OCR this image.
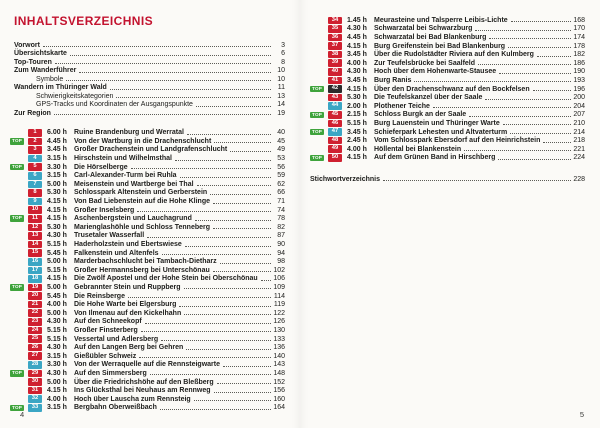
INHALTSVERZEICHNIS
Vorwort	3
Übersichtskarte	6
Top-Touren	8
Zum Wanderführer	10
Symbole	10
Wandern im Thüringer Wald	11
Schwierigkeitskategorien	13
GPS-Tracks und Koordinaten der Ausgangspunkte	14
Zur Region	19
1	6.00 h	Ruine Brandenburg und Werratal	40
TOP	2	4.45 h	Von der Wartburg in die Drachenschlucht	45
3	3.45 h	Großer Drachenstein und Landgrafenschlucht	49
4	3.15 h	Hirschstein und Wilhelmsthal	53
TOP	5	3.30 h	Die Hörselberge	56
6	3.15 h	Carl-Alexander-Turm bei Ruhla	59
7	5.00 h	Meisenstein und Wartberge bei Thal	62
8	5.30 h	Schlosspark Altenstein und Gerberstein	66
9	4.15 h	Von Bad Liebenstein auf die Hohe Klinge	71
10	4.15 h	Großer Inselsberg	74
TOP	11	4.15 h	Aschenbergstein und Lauchagrund	78
12	5.30 h	Marienglashöhle und Schloss Tenneberg	82
13	4.30 h	Trusetaler Wasserfall	87
14	5.15 h	Haderholzstein und Ebertswiese	90
15	5.45 h	Falkenstein und Altenfels	94
16	5.00 h	Marderbachschlucht bei Tambach-Dietharz	98
17	5.15 h	Großer Hermannsberg bei Unterschönau	102
18	4.15 h	Die Zwölf Apostel und der Hohe Stein bei Oberschönau 106
TOP	19	5.00 h	Gebrannter Stein und Ruppberg	109
20	5.45 h	Die Reinsberge	114
21	4.00 h	Die Hohe Warte bei Elgersburg	119
22	5.00 h	Von Ilmenau auf den Kickelhahn	122
23	4.30 h	Auf den Schneekopf	126
24	5.15 h	Großer Finsterberg	130
25	5.15 h	Vessertal und Adlersberg	133
26	4.30 h	Auf den Langen Berg bei Gehren	136
27	3.15 h	Gießübler Schweiz	140
28	3.30 h	Von der Werraquelle auf die Rennsteigwarte	143
TOP	29	4.30 h	Auf den Simmersberg	148
30	5.00 h	Über die Friedrichshöhe auf den Bleßberg	152
31	4.15 h	Ins Glücksthal bei Neuhaus am Rennweg	156
32	4.00 h	Hoch über Lauscha zum Rennsteig	160
TOP	33	3.15 h	Bergbahn Oberweißbach	164
4
34	1.45 h	Meurasteine und Talsperre Leibis-Lichte	168
35	4.30 h	Schwarzatal bei Schwarzburg	170
36	4.45 h	Schwarzatal bei Bad Blankenburg	174
37	4.15 h	Burg Greifenstein bei Bad Blankenburg	178
38	3.45 h	Über die Rudolstädter Riviera auf den Kulmberg	182
39	4.00 h	Zur Teufelsbrücke bei Saalfeld	186
40	4.30 h	Hoch über dem Hohenwarte-Stausee	190
41	3.45 h	Burg Ranis	193
TOP	42	4.15 h	Über den Drachenschwanz auf den Bockfelsen	196
43	5.30 h	Die Teufelskanzel über der Saale	200
44	2.00 h	Plothener Teiche	204
TOP	45	2.15 h	Schloss Burgk an der Saale	207
46	5.15 h	Burg Lauenstein und Thüringer Warte	210
TOP	47	3.45 h	Schieferpark Lehesten und Altvaterturm	214
48	2.45 h	Vom Schlosspark Ebersdorf auf den Heinrichstein	218
49	4.00 h	Höllental bei Blankenstein	221
TOP	50	4.15 h	Auf dem Grünen Band in Hirschberg	224
Stichwortverzeichnis	228
5
